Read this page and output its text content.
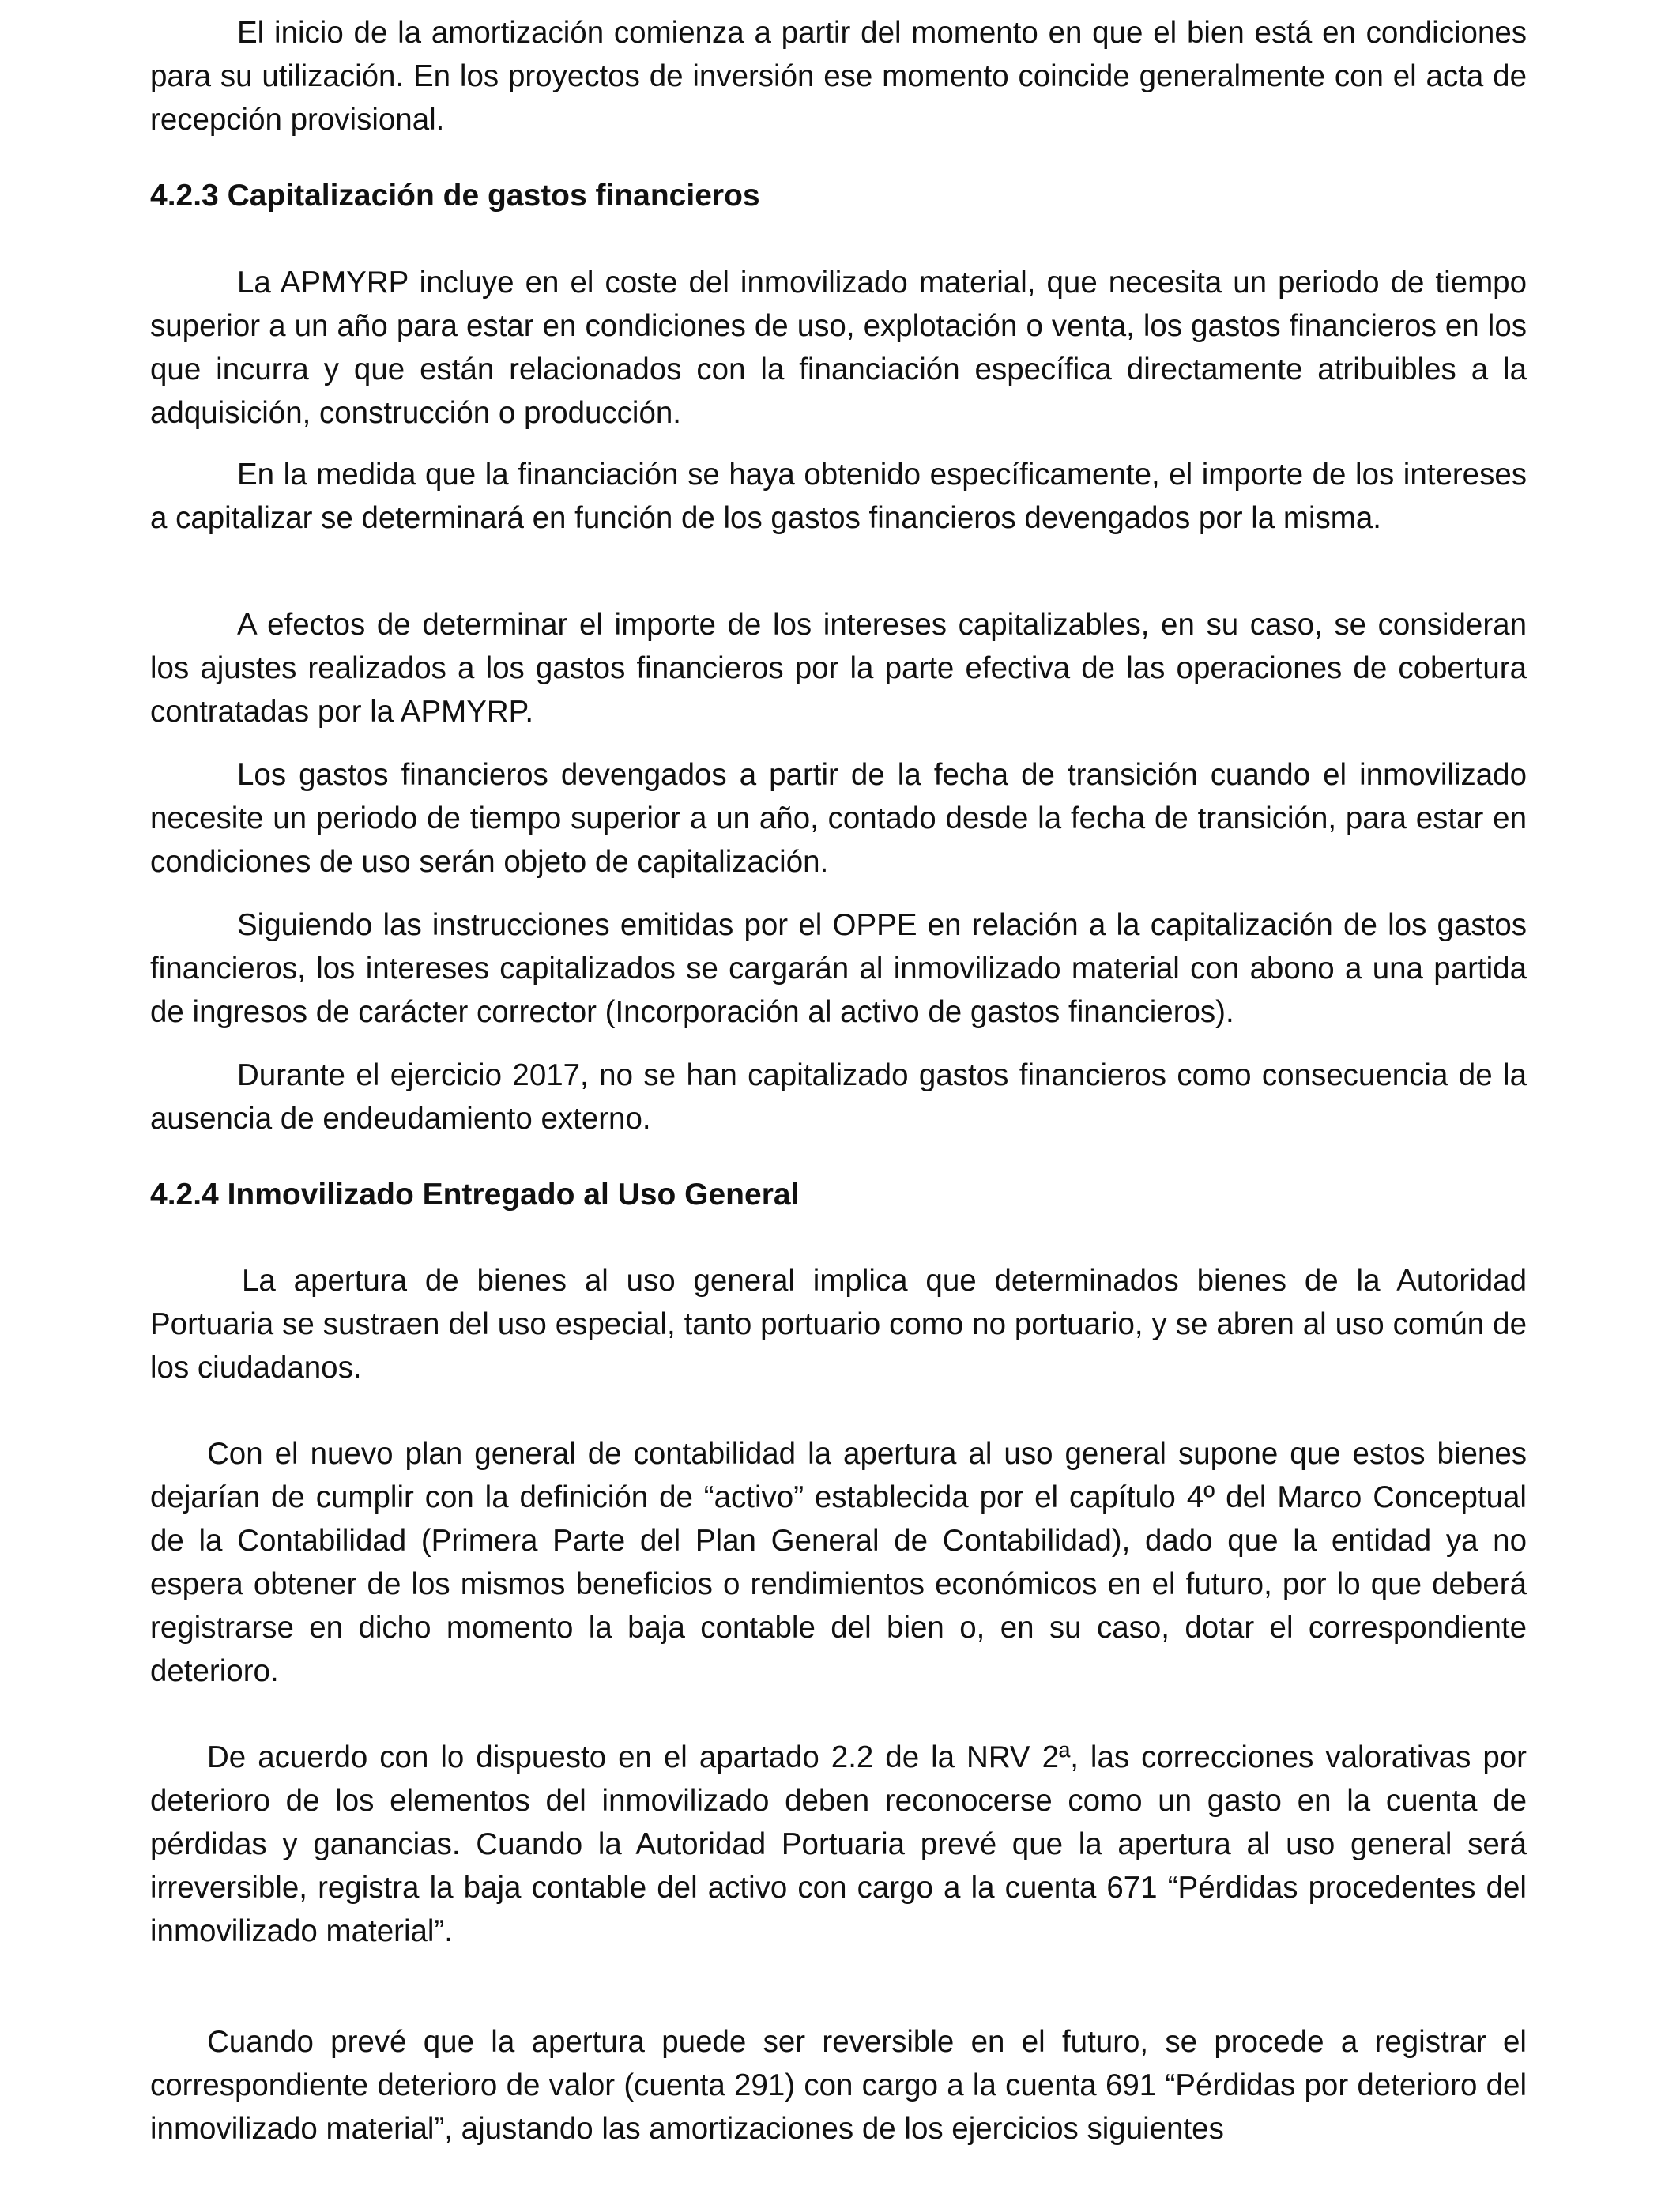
El inicio de la amortización comienza a partir del momento en que el bien está en condiciones para su utilización. En los proyectos de inversión ese momento coincide generalmente con el acta de recepción provisional.

4.2.3 Capitalización de gastos financieros

La APMYRP incluye en el coste del inmovilizado material, que necesita un periodo de tiempo superior a un año para estar en condiciones de uso, explotación o venta, los gastos financieros en los que incurra y que están relacionados con la financiación específica directamente atribuibles a la adquisición, construcción o producción.

En la medida que la financiación se haya obtenido específicamente, el importe de los intereses a capitalizar se determinará en función de los gastos financieros devengados por la misma.

A efectos de determinar el importe de los intereses capitalizables, en su caso, se consideran los ajustes realizados a los gastos financieros por la parte efectiva de las operaciones de cobertura contratadas por la APMYRP.

Los gastos financieros devengados a partir de la fecha de transición cuando el inmovilizado necesite un periodo de tiempo superior a un año, contado desde la fecha de transición, para estar en condiciones de uso serán objeto de capitalización.

Siguiendo las instrucciones emitidas por el OPPE en relación a la capitalización de los gastos financieros, los intereses capitalizados se cargarán al inmovilizado material con abono a una partida de ingresos de carácter corrector (Incorporación al activo de gastos financieros).

Durante el ejercicio 2017, no se han capitalizado gastos financieros como consecuencia de la ausencia de endeudamiento externo.

4.2.4 Inmovilizado Entregado al Uso General

La apertura de bienes al uso general implica que determinados bienes de la Autoridad Portuaria se sustraen del uso especial, tanto portuario como no portuario, y se abren al uso común de los ciudadanos.

Con el nuevo plan general de contabilidad la apertura al uso general supone que estos bienes dejarían de cumplir con la definición de “activo” establecida por el capítulo 4º del Marco Conceptual de la Contabilidad (Primera Parte del Plan General de Contabilidad), dado que la entidad ya no espera obtener de los mismos beneficios o rendimientos económicos en el futuro, por lo que deberá registrarse en dicho momento la baja contable del bien o, en su caso, dotar el correspondiente deterioro.

De acuerdo con lo dispuesto en el apartado 2.2 de la NRV 2ª, las correcciones valorativas por deterioro de los elementos del inmovilizado deben reconocerse como un gasto en la cuenta de pérdidas y ganancias. Cuando la Autoridad Portuaria prevé que la apertura al uso general será irreversible, registra la baja contable del activo con cargo a la cuenta 671 “Pérdidas procedentes del inmovilizado material”.

Cuando prevé que la apertura puede ser reversible en el futuro, se procede a registrar el correspondiente deterioro de valor (cuenta 291) con cargo a la cuenta 691 “Pérdidas por deterioro del inmovilizado material”, ajustando las amortizaciones de los ejercicios siguientes
